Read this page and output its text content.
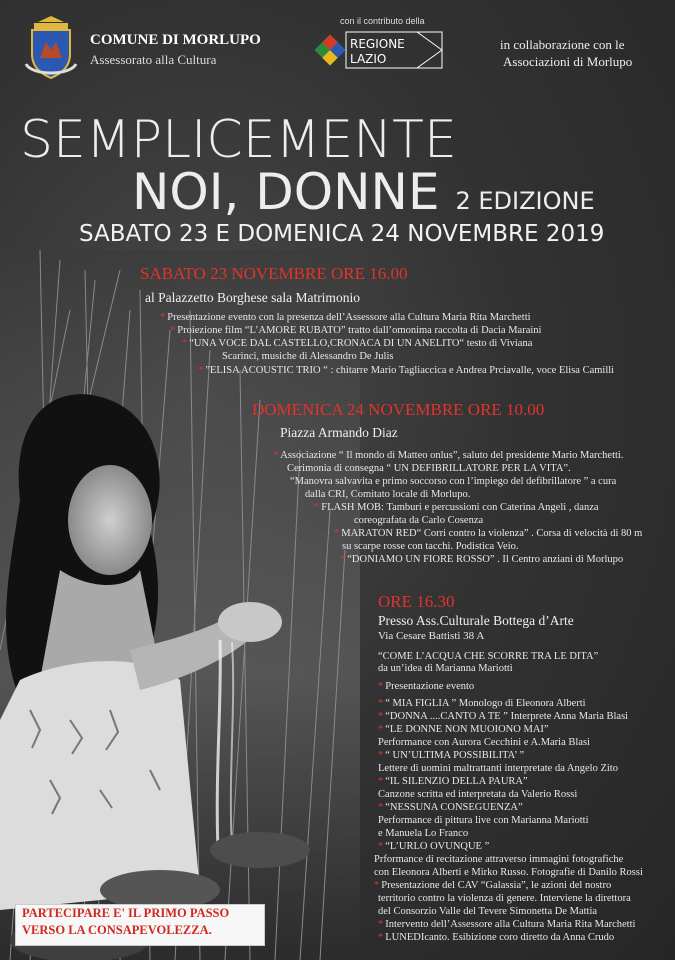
COMUNE DI MORLUPO
Assessorato alla Cultura
con il contributo della
REGIONE
LAZIO
in collaborazione con le
Associazioni di Morlupo
SEMPLICEMENTE
NOI, DONNE 2 EDIZIONE
SABATO 23 E DOMENICA 24 NOVEMBRE 2019
SABATO 23 NOVEMBRE ORE 16.00
al Palazzetto Borghese sala Matrimonio
* Presentazione evento con la presenza dell’Assessore alla Cultura Maria Rita Marchetti
* Proiezione film “L’AMORE RUBATO” tratto dall’omonima raccolta di Dacia Maraini
* “UNA VOCE DAL CASTELLO,CRONACA DI UN ANELITO“ testo di Viviana
Scarinci, musiche di Alessandro De Julis
* ”ELISA ACOUSTIC TRIO “ : chitarre Mario Tagliaccica e Andrea Prciavalle, voce Elisa Camilli
DOMENICA 24 NOVEMBRE ORE 10.00
Piazza Armando Diaz
* Associazione “ Il mondo di Matteo onlus”, saluto del presidente Mario Marchetti.
Cerimonia di consegna “ UN DEFIBRILLATORE PER LA VITA”.
“Manovra salvavita e primo soccorso con l’impiego del defibrillatore ” a cura
dalla CRI, Comitato locale di Morlupo.
* FLASH MOB: Tamburi e percussioni con Caterina Angeli , danza
coreografata da Carlo Cosenza
* MARATON RED“ Corri contro la violenza” . Corsa di velocità di 80 m
su scarpe rosse con tacchi. Podistica Veio.
* “DONIAMO UN FIORE ROSSO” . Il Centro anziani di Morlupo
ORE 16.30
Presso Ass.Culturale Bottega d’Arte
Via Cesare Battisti 38 A
“COME L’ACQUA CHE SCORRE TRA LE DITA”
da un’idea di Marianna Mariotti
* Presentazione evento
* “ MIA FIGLIA ” Monologo di Eleonora Alberti
* “DONNA ....CANTO A TE ” Interprete Anna Maria Blasi
* “LE DONNE NON MUOIONO MAI”
Performance con Aurora Cecchini e A.Maria Blasi
* “ UN’ULTIMA POSSIBILITA’ ”
Lettere di uomini maltrattanti interpretate da Angelo Zito
* “IL SILENZIO DELLA PAURA”
Canzone scritta ed interpretata da Valerio Rossi
* “NESSUNA CONSEGUENZA”
Performance di pittura live con Marianna Mariotti
e Manuela Lo Franco
* “L’URLO OVUNQUE ”
Prformance di recitazione attraverso immagini fotografiche
con Eleonora Alberti e Mirko Russo. Fotografie di Danilo Rossi
* Presentazione del CAV “Galassia”, le azioni del nostro
territorio contro la violenza di genere. Interviene la direttora
del Consorzio Valle del Tevere Simonetta De Mattia
* Intervento dell’Assessore alla Cultura Maria Rita Marchetti
* LUNEDIcanto. Esibizione coro diretto da Anna Crudo
PARTECIPARE E' IL PRIMO PASSO
VERSO LA CONSAPEVOLEZZA.
